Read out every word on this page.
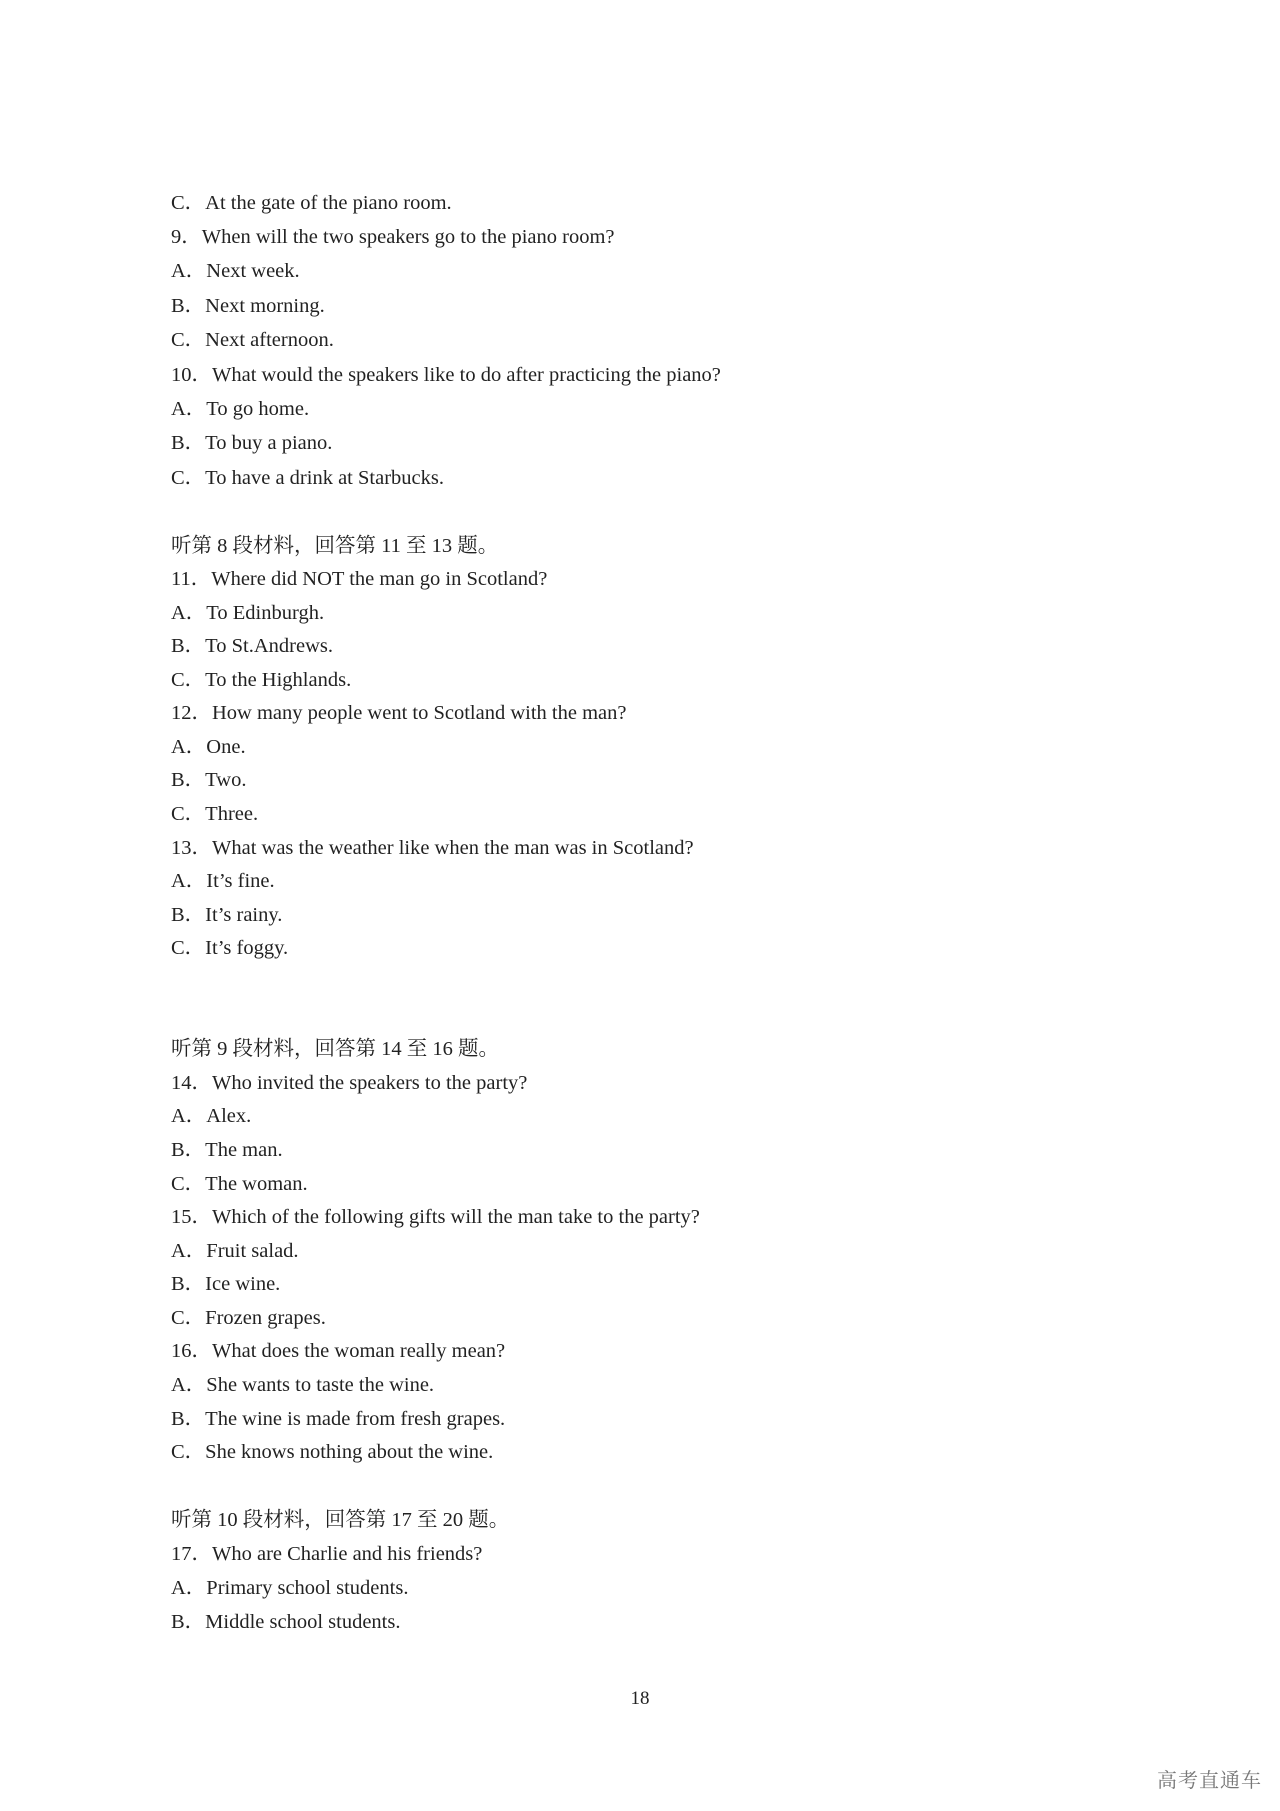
C．At the gate of the piano room.
9．When will the two speakers go to the piano room?
A．Next week.
B．Next morning.
C．Next afternoon.
10．What would the speakers like to do after practicing the piano?
A．To go home.
B．To buy a piano.
C．To have a drink at Starbucks.
听第 8 段材料，回答第 11 至 13 题。
11．Where did NOT the man go in Scotland?
A．To Edinburgh.
B．To St.Andrews.
C．To the Highlands.
12．How many people went to Scotland with the man?
A．One.
B．Two.
C．Three.
13．What was the weather like when the man was in Scotland?
A．It’s fine.
B．It’s rainy.
C．It’s foggy.
听第 9 段材料，回答第 14 至 16 题。
14．Who invited the speakers to the party?
A．Alex.
B．The man.
C．The woman.
15．Which of the following gifts will the man take to the party?
A．Fruit salad.
B．Ice wine.
C．Frozen grapes.
16．What does the woman really mean?
A．She wants to taste the wine.
B．The wine is made from fresh grapes.
C．She knows nothing about the wine.
听第 10 段材料，回答第 17 至 20 题。
17．Who are Charlie and his friends?
A．Primary school students.
B．Middle school students.
18
高考直通车
